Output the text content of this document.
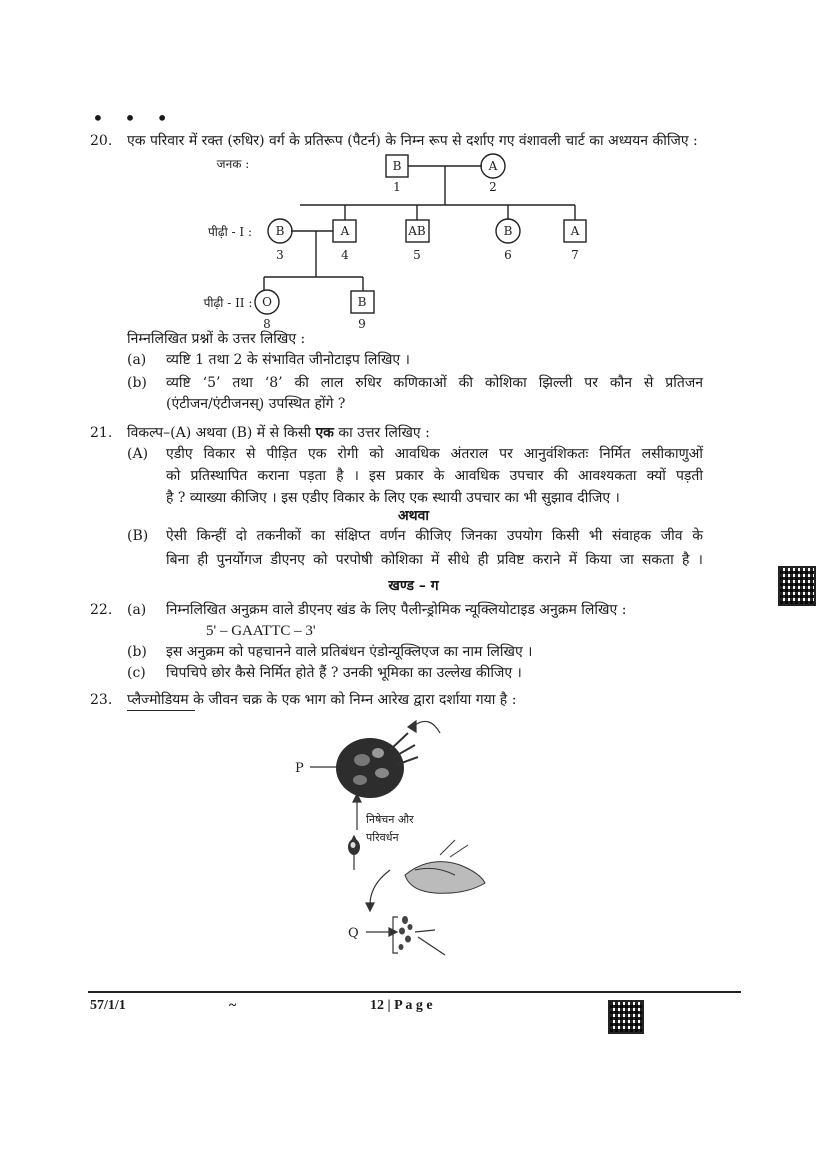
• • •
20. एक परिवार में रक्त (रुधिर) वर्ग के प्रतिरूप (पैटर्न) के निम्न रूप से दर्शाए गए वंशावली चार्ट का अध्ययन कीजिए :
जनक :
पीढ़ी - I :
पीढ़ी - II :
B
1
A
2
B
3
A
4
AB
5
B
6
A
7
O
8
B
9
निम्नलिखित प्रश्नों के उत्तर लिखिए :
(a) व्यष्टि 1 तथा 2 के संभावित जीनोटाइप लिखिए ।
(b) व्यष्टि ‘5’ तथा ‘8’ की लाल रुधिर कणिकाओं की कोशिका झिल्ली पर कौन से प्रतिजन
(एंटीजन/एंटीजनस्) उपस्थित होंगे ?
21. विकल्प–(A) अथवा (B) में से किसी एक का उत्तर लिखिए :
(A) एडीए विकार से पीड़ित एक रोगी को आवधिक अंतराल पर आनुवंशिकतः निर्मित लसीकाणुओं
को प्रतिस्थापित कराना पड़ता है । इस प्रकार के आवधिक उपचार की आवश्यकता क्यों पड़ती
है ? व्याख्या कीजिए । इस एडीए विकार के लिए एक स्थायी उपचार का भी सुझाव दीजिए ।
अथवा
(B) ऐसी किन्हीं दो तकनीकों का संक्षिप्त वर्णन कीजिए जिनका उपयोग किसी भी संवाहक जीव के
बिना ही पुनर्योगज डीएनए को परपोषी कोशिका में सीधे ही प्रविष्ट कराने में किया जा सकता है ।
खण्ड – ग
22. (a) निम्नलिखित अनुक्रम वाले डीएनए खंड के लिए पैलीन्ड्रोमिक न्यूक्लियोटाइड अनुक्रम लिखिए :
5' – GAATTC – 3'
(b) इस अनुक्रम को पहचानने वाले प्रतिबंधन एंडोन्यूक्लिएज का नाम लिखिए ।
(c) चिपचिपे छोर कैसे निर्मित होते हैं ? उनकी भूमिका का उल्लेख कीजिए ।
23. प्लैज्मोडियम के जीवन चक्र के एक भाग को निम्न आरेख द्वारा दर्शाया गया है :
P
Q
निषेचन और
परिवर्धन
57/1/1	~	12 | P a g e
